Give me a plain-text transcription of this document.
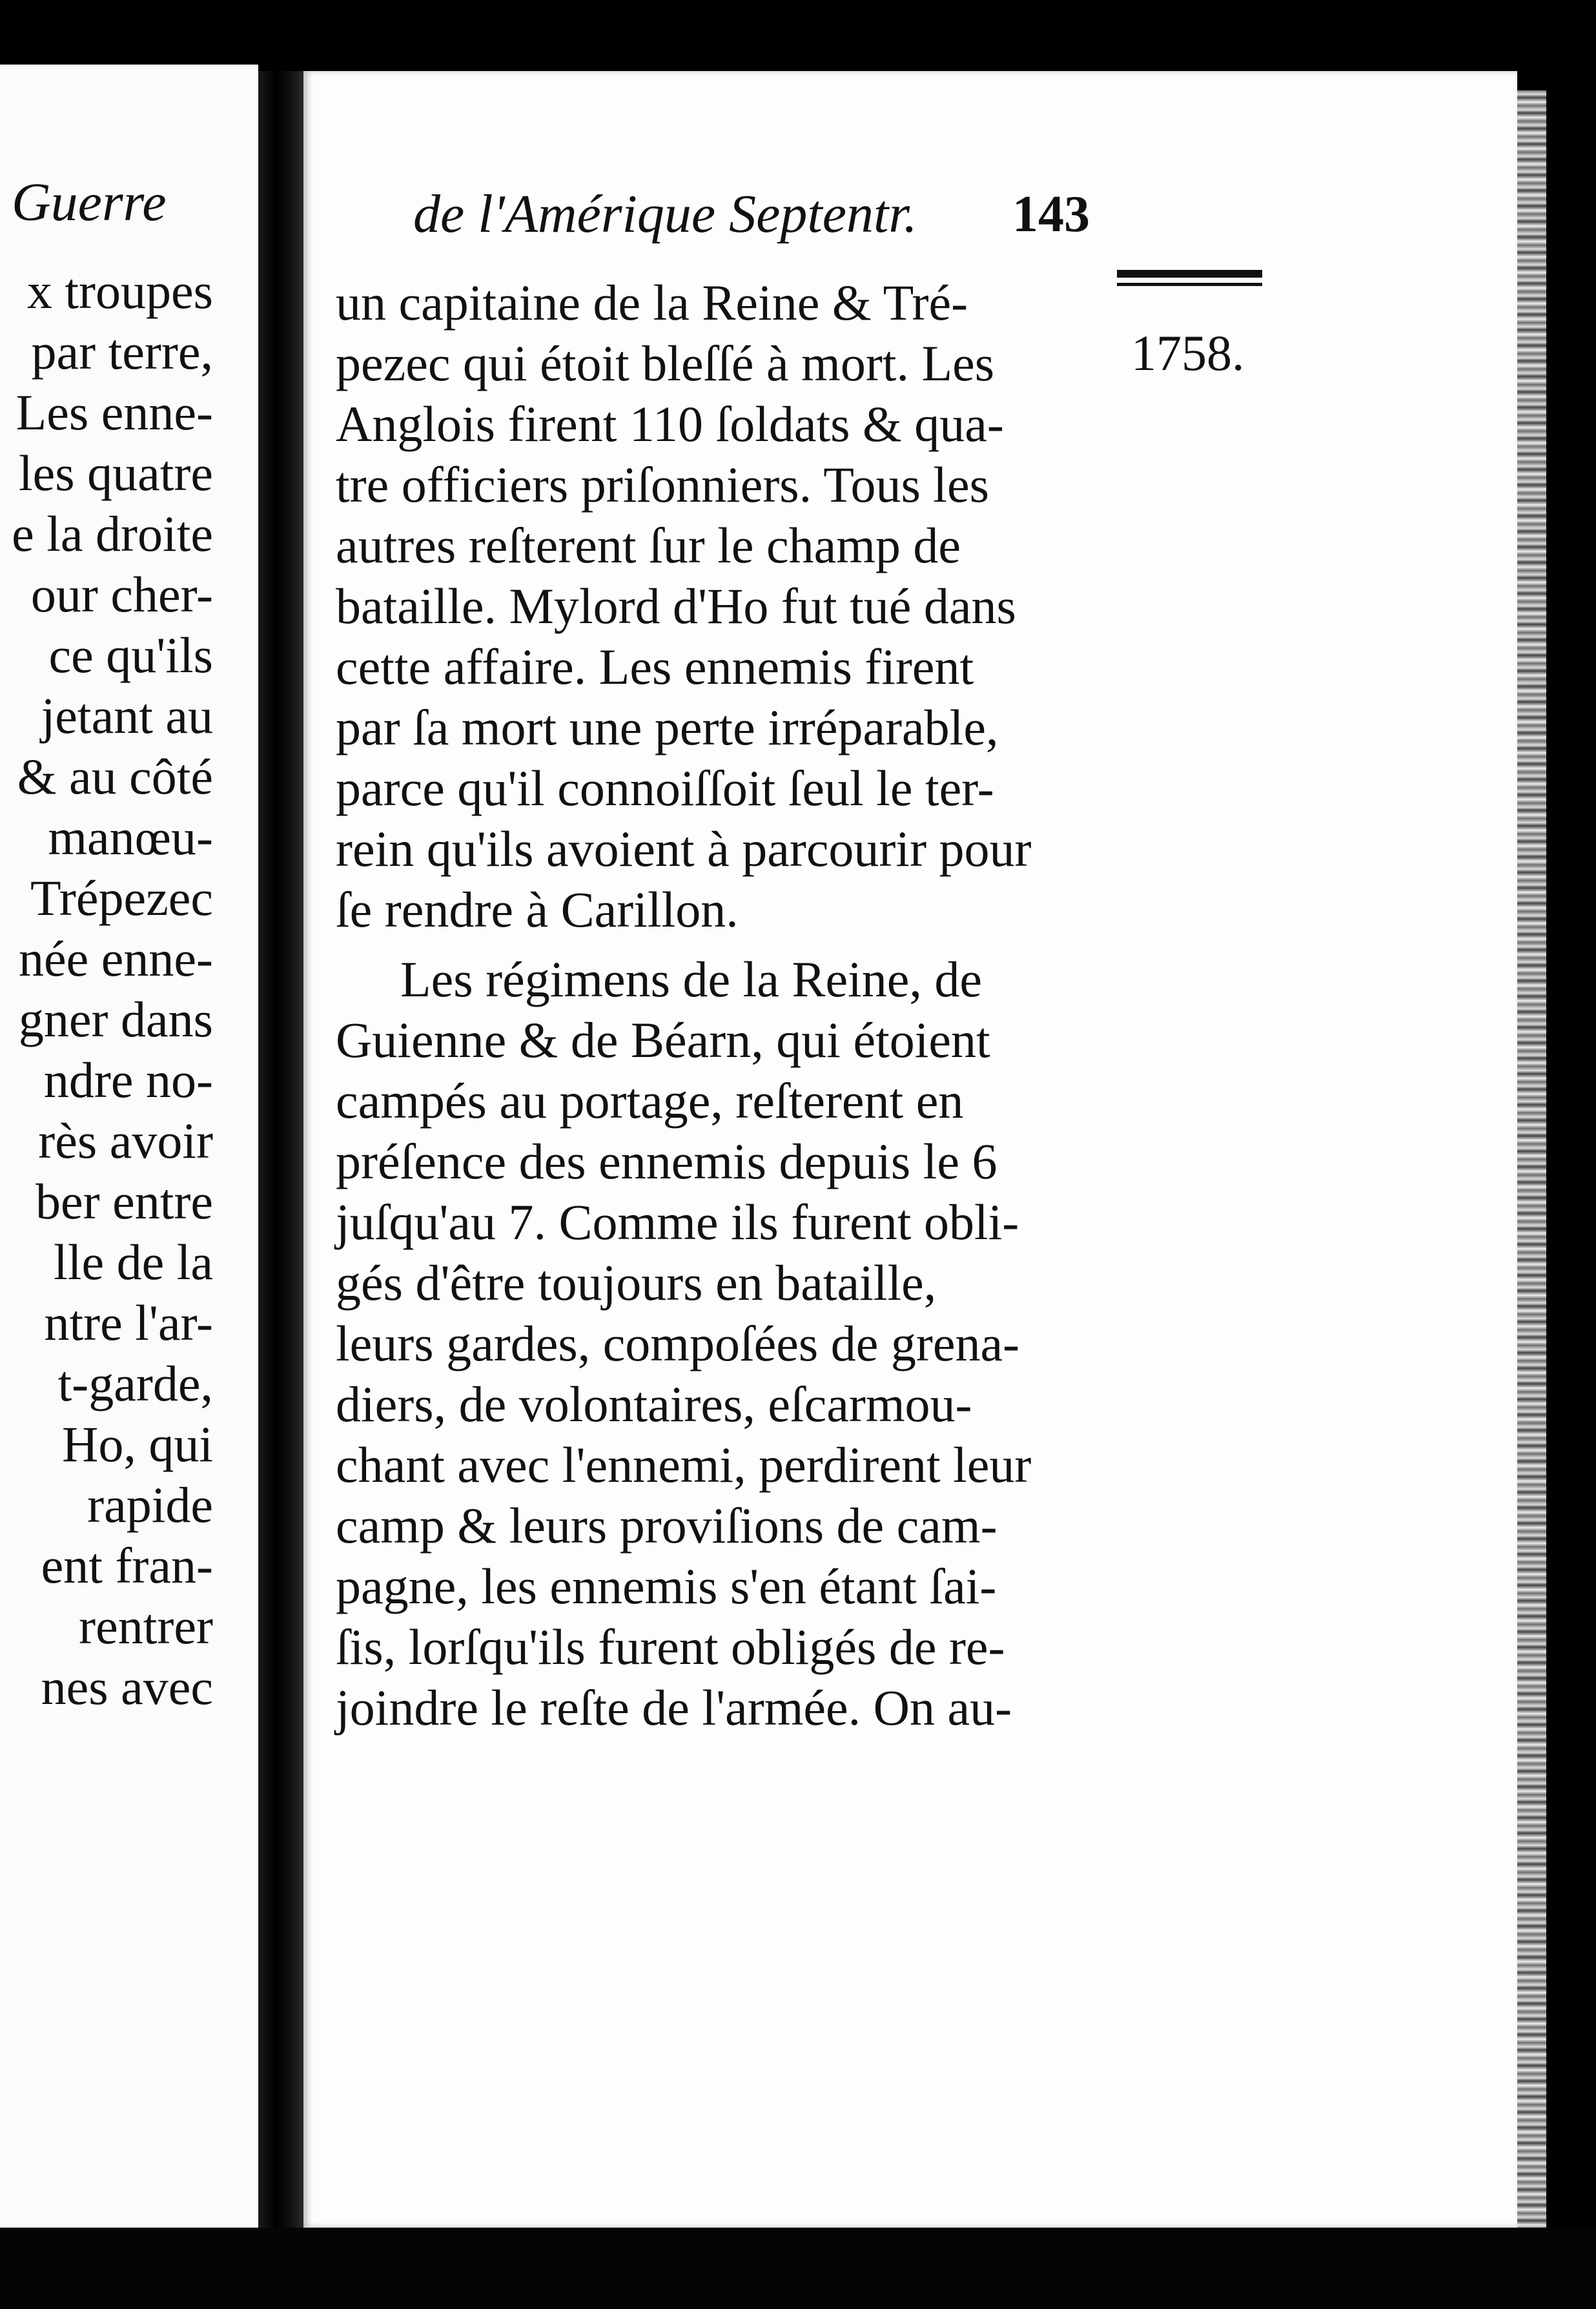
Guerre
x troupes
par terre,
Les enne-
les quatre
e la droite
our cher-
ce qu'ils
jetant au
& au côté
manœu-
Trépezec
née enne-
gner dans
ndre no-
rès avoir
ber entre
lle de la
ntre l'ar-
t-garde,
Ho, qui
rapide
ent fran-
rentrer
nes avec
de l'Amérique Septentr. 143
1758.
un capitaine de la Reine & Tré-
pezec qui étoit bleſſé à mort. Les
Anglois firent 110 ſoldats & qua-
tre officiers priſonniers. Tous les
autres reſterent ſur le champ de
bataille. Mylord d'Ho fut tué dans
cette affaire. Les ennemis firent
par ſa mort une perte irréparable,
parce qu'il connoiſſoit ſeul le ter-
rein qu'ils avoient à parcourir pour
ſe rendre à Carillon.
Les régimens de la Reine, de
Guienne & de Béarn, qui étoient
campés au portage, reſterent en
préſence des ennemis depuis le 6
juſqu'au 7. Comme ils furent obli-
gés d'être toujours en bataille,
leurs gardes, compoſées de grena-
diers, de volontaires, eſcarmou-
chant avec l'ennemi, perdirent leur
camp & leurs proviſions de cam-
pagne, les ennemis s'en étant ſai-
ſis, lorſqu'ils furent obligés de re-
joindre le reſte de l'armée. On au-
